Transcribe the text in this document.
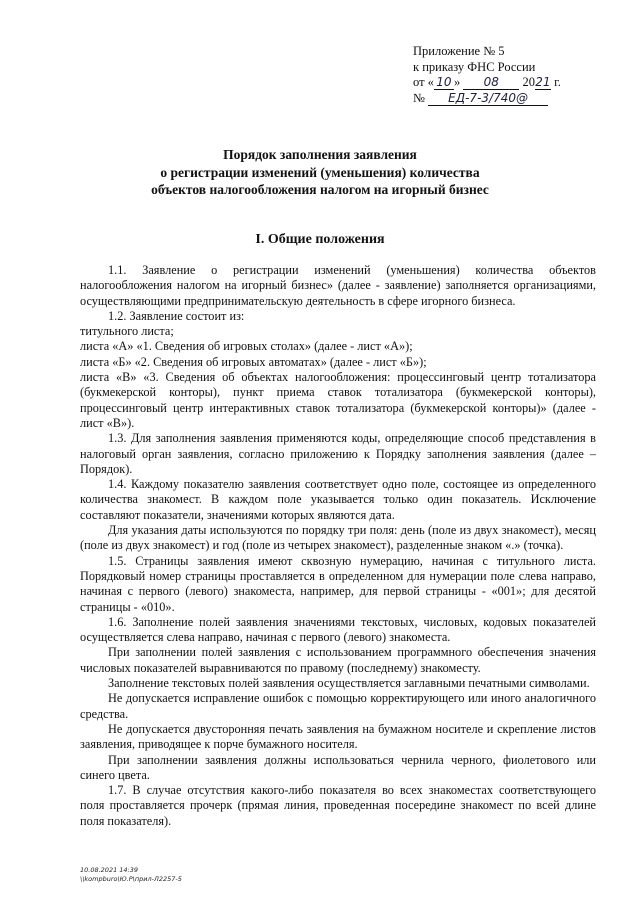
Приложение № 5
к приказу ФНС России
от « 10 » 08 2021 г.
№ ЕД-7-3/740@
Порядок заполнения заявления
о регистрации изменений (уменьшения) количества
объектов налогообложения налогом на игорный бизнес
I. Общие положения

1.1. Заявление о регистрации изменений (уменьшения) количества объектов налогообложения налогом на игорный бизнес» (далее - заявление) заполняется организациями, осуществляющими предпринимательскую деятельность в сфере игорного бизнеса.

1.2. Заявление состоит из:

титульного листа;

листа «А» «1. Сведения об игровых столах» (далее - лист «А»);

листа «Б» «2. Сведения об игровых автоматах» (далее - лист «Б»);

листа «В» «3. Сведения об объектах налогообложения: процессинговый центр тотализатора (букмекерской конторы), пункт приема ставок тотализатора (букмекерской конторы), процессинговый центр интерактивных ставок тотализатора (букмекерской конторы)» (далее - лист «В»).

1.3. Для заполнения заявления применяются коды, определяющие способ представления в налоговый орган заявления, согласно приложению к Порядку заполнения заявления (далее – Порядок).

1.4. Каждому показателю заявления соответствует одно поле, состоящее из определенного количества знакомест. В каждом поле указывается только один показатель. Исключение составляют показатели, значениями которых являются дата.

Для указания даты используются по порядку три поля: день (поле из двух знакомест), месяц (поле из двух знакомест) и год (поле из четырех знакомест), разделенные знаком «.» (точка).

1.5. Страницы заявления имеют сквозную нумерацию, начиная с титульного листа. Порядковый номер страницы проставляется в определенном для нумерации поле слева направо, начиная с первого (левого) знакоместа, например, для первой страницы - «001»; для десятой страницы - «010».

1.6. Заполнение полей заявления значениями текстовых, числовых, кодовых показателей осуществляется слева направо, начиная с первого (левого) знакоместа.

При заполнении полей заявления с использованием программного обеспечения значения числовых показателей выравниваются по правому (последнему) знакоместу.

Заполнение текстовых полей заявления осуществляется заглавными печатными символами.

Не допускается исправление ошибок с помощью корректирующего или иного аналогичного средства.

Не допускается двусторонняя печать заявления на бумажном носителе и скрепление листов заявления, приводящее к порче бумажного носителя.

При заполнении заявления должны использоваться чернила черного, фиолетового или синего цвета.

1.7. В случае отсутствия какого-либо показателя во всех знакоместах соответствующего поля проставляется прочерк (прямая линия, проведенная посередине знакомест по всей длине поля показателя).

10.08.2021 14:39
\\kompburo\Ю.Р\прил-Л2257-5
